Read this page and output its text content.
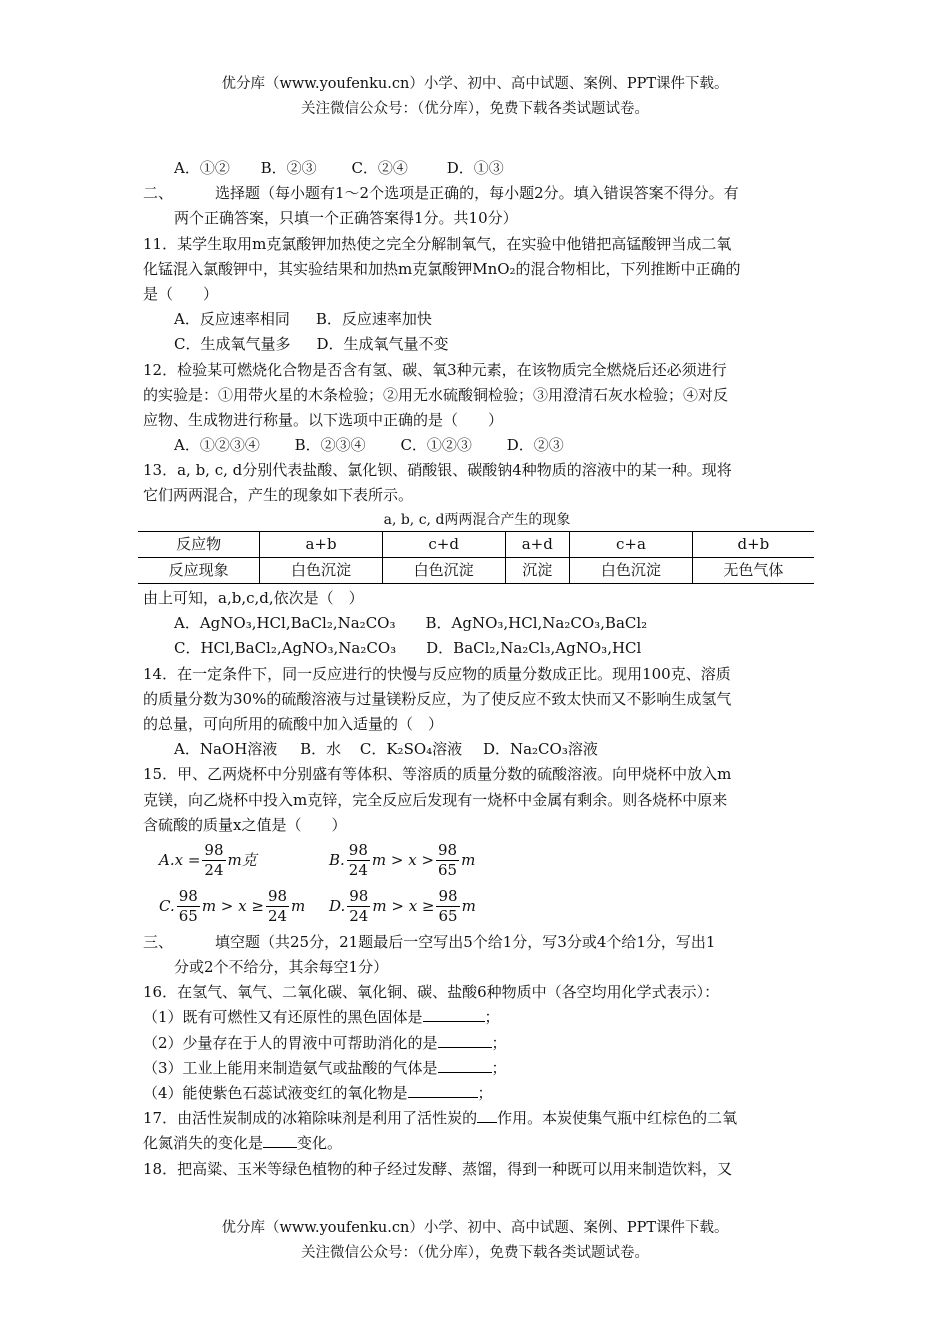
优分库（www.youfenku.cn）小学、初中、高中试题、案例、PPT课件下载。
关注微信公众号：（优分库），免费下载各类试题试卷。
A．①② B．②③ C．②④	D．①③
二、	选择题（每小题有1～2个选项是正确的，每小题2分。填入错误答案不得分。有
两个正确答案，只填一个正确答案得1分。共10分）
11．某学生取用m克氯酸钾加热使之完全分解制氧气，在实验中他错把高锰酸钾当成二氧
化锰混入氯酸钾中，其实验结果和加热m克氯酸钾MnO₂的混合物相比，下列推断中正确的
是（　　）
A．反应速率相同 B．反应速率加快
C．生成氧气量多 D．生成氧气量不变
12．检验某可燃烧化合物是否含有氢、碳、氧3种元素，在该物质完全燃烧后还必须进行
的实验是：①用带火星的木条检验；②用无水硫酸铜检验；③用澄清石灰水检验；④对反
应物、生成物进行称量。以下选项中正确的是（　　）
A．①②③④ B．②③④ C．①②③ D．②③
13．a, b, c, d分别代表盐酸、氯化钡、硝酸银、碳酸钠4种物质的溶液中的某一种。现将
它们两两混合，产生的现象如下表所示。
a, b, c, d两两混合产生的现象
反应物	a+b	c+d	a+d	c+a	d+b
反应现象	白色沉淀	白色沉淀	沉淀	白色沉淀	无色气体
由上可知，a,b,c,d,依次是（　）
A．AgNO₃,HCl,BaCl₂,Na₂CO₃ B．AgNO₃,HCl,Na₂CO₃,BaCl₂
C．HCl,BaCl₂,AgNO₃,Na₂CO₃ D．BaCl₂,Na₂Cl₃,AgNO₃,HCl
14．在一定条件下，同一反应进行的快慢与反应物的质量分数成正比。现用100克、溶质
的质量分数为30%的硫酸溶液与过量镁粉反应，为了使反应不致太快而又不影响生成氢气
的总量，可向所用的硫酸中加入适量的（　）
A．NaOH溶液 B．水 C．K₂SO₄溶液 D．Na₂CO₃溶液
15．甲、乙两烧杯中分别盛有等体积、等溶质的质量分数的硫酸溶液。向甲烧杯中放入m
克镁，向乙烧杯中投入m克锌，完全反应后发现有一烧杯中金属有剩余。则各烧杯中原来
含硫酸的质量x之值是（　　）
$A.x = \frac{98}{24}$ m克	B. $\frac{98}{24}$ $m > x > \frac{98}{65}$ m
C. $\frac{98}{65}$ $m > x \ge \frac{98}{24}$ m D. $\frac{98}{24}$ $m > x \ge \frac{98}{65}$ m
三、	填空题（共25分，21题最后一空写出5个给1分，写3分或4个给1分，写出1
分或2个不给分，其余每空1分）
16．在氢气、氧气、二氧化碳、氧化铜、碳、盐酸6种物质中（各空均用化学式表示）：
（1）既有可燃性又有还原性的黑色固体是	；
（2）少量存在于人的胃液中可帮助消化的是	；
（3）工业上能用来制造氨气或盐酸的气体是	；
（4）能使紫色石蕊试液变红的氧化物是	；
17．由活性炭制成的冰箱除味剂是利用了活性炭的 作用。本炭使集气瓶中红棕色的二氧
化氮消失的变化是 变化。
18．把高粱、玉米等绿色植物的种子经过发酵、蒸馏，得到一种既可以用来制造饮料，又
优分库（www.youfenku.cn）小学、初中、高中试题、案例、PPT课件下载。
关注微信公众号：（优分库），免费下载各类试题试卷。
